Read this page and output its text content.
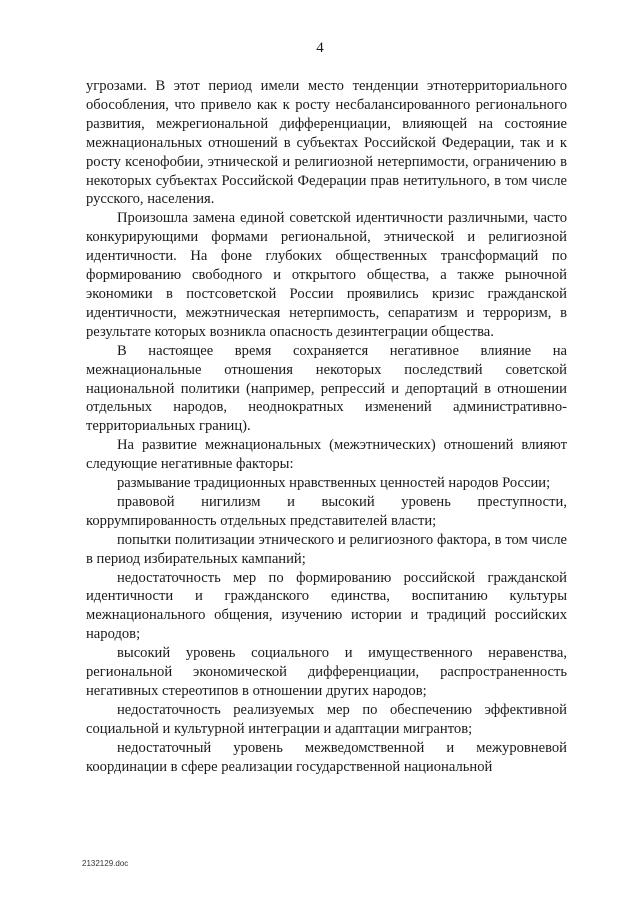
4

угрозами. В этот период имели место тенденции этнотерриториального обособления, что привело как к росту несбалансированного регионального развития, межрегиональной дифференциации, влияющей на состояние межнациональных отношений в субъектах Российской Федерации, так и к росту ксенофобии, этнической и религиозной нетерпимости, ограничению в некоторых субъектах Российской Федерации прав нетитульного, в том числе русского, населения.

Произошла замена единой советской идентичности различными, часто конкурирующими формами региональной, этнической и религиозной идентичности. На фоне глубоких общественных трансформаций по формированию свободного и открытого общества, а также рыночной экономики в постсоветской России проявились кризис гражданской идентичности, межэтническая нетерпимость, сепаратизм и терроризм, в результате которых возникла опасность дезинтеграции общества.

В настоящее время сохраняется негативное влияние на межнациональные отношения некоторых последствий советской национальной политики (например, репрессий и депортаций в отношении отдельных народов, неоднократных изменений административно-территориальных границ).

На развитие межнациональных (межэтнических) отношений влияют следующие негативные факторы:

размывание традиционных нравственных ценностей народов России;

правовой нигилизм и высокий уровень преступности, коррумпированность отдельных представителей власти;

попытки политизации этнического и религиозного фактора, в том числе в период избирательных кампаний;

недостаточность мер по формированию российской гражданской идентичности и гражданского единства, воспитанию культуры межнационального общения, изучению истории и традиций российских народов;

высокий уровень социального и имущественного неравенства, региональной экономической дифференциации, распространенность негативных стереотипов в отношении других народов;

недостаточность реализуемых мер по обеспечению эффективной социальной и культурной интеграции и адаптации мигрантов;

недостаточный уровень межведомственной и межуровневой координации в сфере реализации государственной национальной

2132129.doc
